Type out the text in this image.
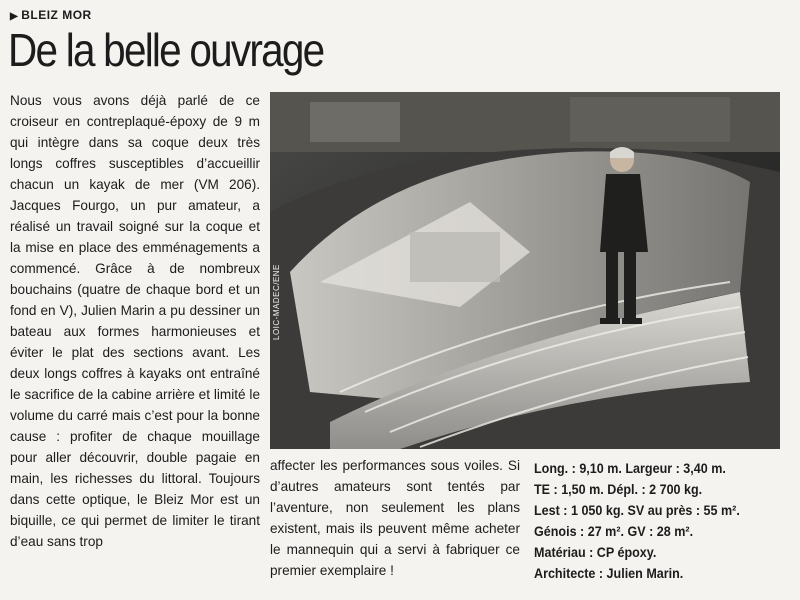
▶ BLEIZ MOR
De la belle ouvrage

Nous vous avons déjà parlé de ce croiseur en contreplaqué-époxy de 9 m qui intègre dans sa coque deux très longs coffres susceptibles d’accueillir chacun un kayak de mer (VM 206). Jacques Fourgo, un pur amateur, a réalisé un travail soigné sur la coque et la mise en place des emménagements a commencé. Grâce à de nombreux bouchains (quatre de chaque bord et un fond en V), Julien Marin a pu dessiner un bateau aux formes harmonieuses et éviter le plat des sections avant. Les deux longs coffres à kayaks ont entraîné le sacrifice de la cabine arrière et limité le volume du carré mais c’est pour la bonne cause : profiter de chaque mouillage pour aller découvrir, double pagaie en main, les richesses du littoral. Toujours dans cette optique, le Bleiz Mor est un biquille, ce qui permet de limiter le tirant d’eau sans trop

LOIC-MADEC/ENE

affecter les performances sous voiles. Si d’autres amateurs sont tentés par l’aventure, non seulement les plans existent, mais ils peuvent même acheter le mannequin qui a servi à fabriquer ce premier exemplaire !

Long. : 9,10 m. Largeur : 3,40 m.
TE : 1,50 m. Dépl. : 2 700 kg.
Lest : 1 050 kg. SV au près : 55 m².
Génois : 27 m². GV : 28 m².
Matériau : CP époxy.
Architecte : Julien Marin.
